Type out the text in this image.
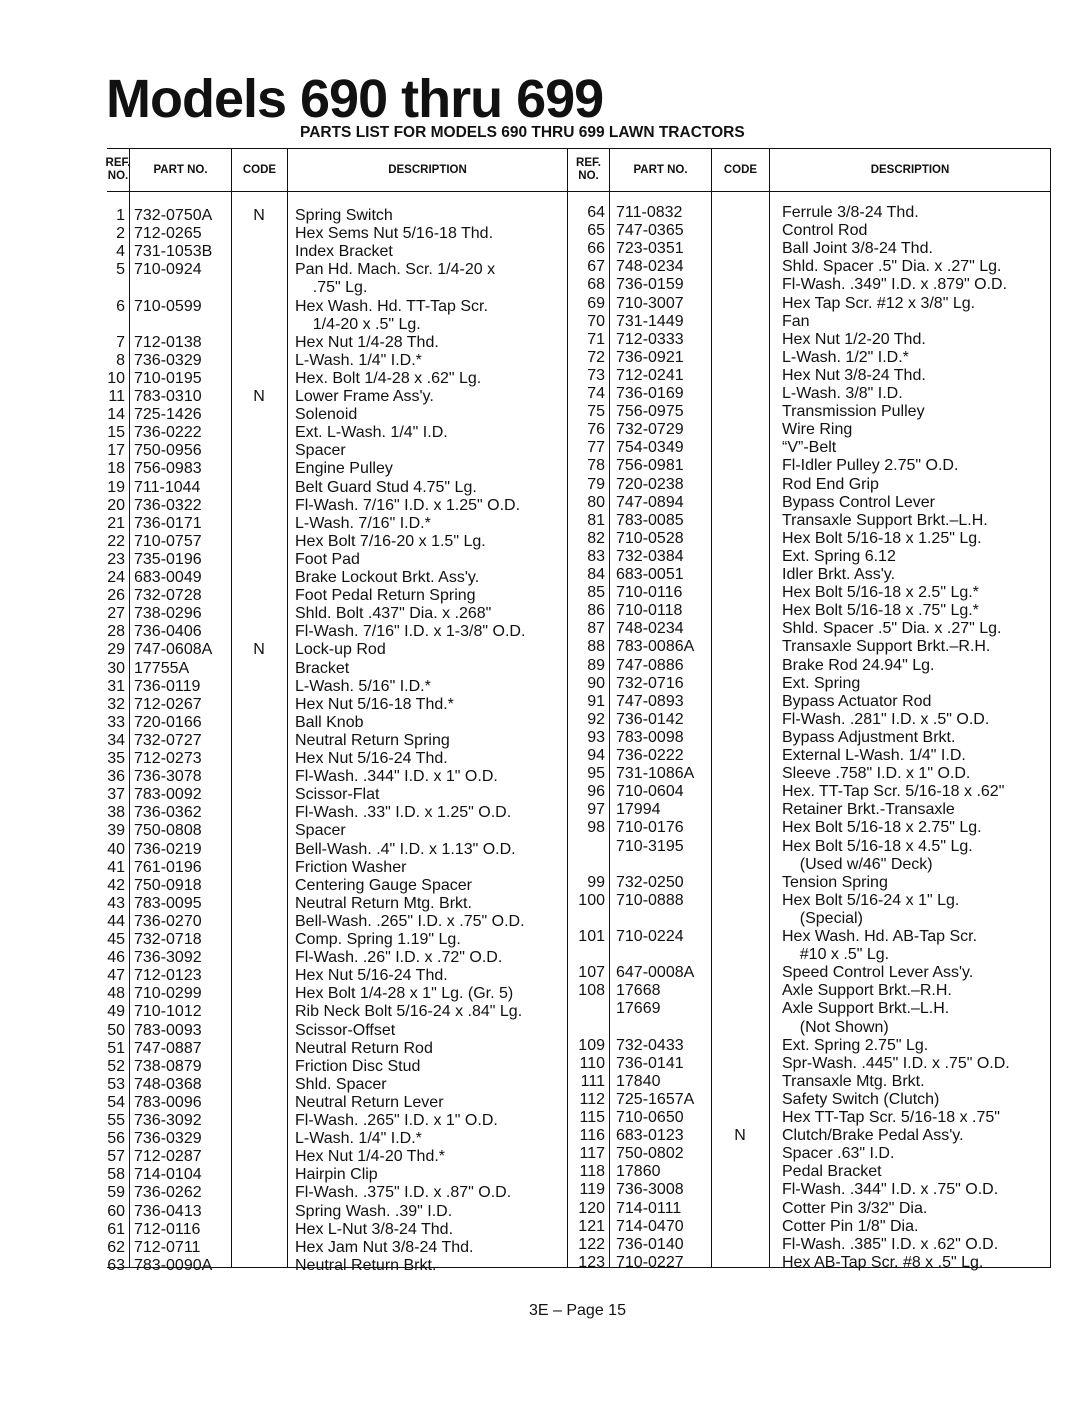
Models 690 thru 699
PARTS LIST FOR MODELS 690 THRU 699 LAWN TRACTORS
REF. NO.
PART NO.	CODE	DESCRIPTION
REF. NO.
PART NO.	CODE	DESCRIPTION
1 732-0750A	N	Spring Switch
2 712-0265	Hex Sems Nut 5/16-18 Thd.
4 731-1053B	Index Bracket
5 710-0924	Pan Hd. Mach. Scr. 1/4-20 x
.75" Lg.
6 710-0599	Hex Wash. Hd. TT-Tap Scr.
1/4-20 x .5" Lg.
7 712-0138	Hex Nut 1/4-28 Thd.
8 736-0329	L-Wash. 1/4" I.D.*
10 710-0195	Hex. Bolt 1/4-28 x .62" Lg.
11 783-0310	N	Lower Frame Ass'y.
14 725-1426	Solenoid
15 736-0222	Ext. L-Wash. 1/4" I.D.
17 750-0956	Spacer
18 756-0983	Engine Pulley
19 711-1044	Belt Guard Stud 4.75" Lg.
20 736-0322	Fl-Wash. 7/16" I.D. x 1.25" O.D.
21 736-0171	L-Wash. 7/16" I.D.*
22 710-0757	Hex Bolt 7/16-20 x 1.5" Lg.
23 735-0196	Foot Pad
24 683-0049	Brake Lockout Brkt. Ass'y.
26 732-0728	Foot Pedal Return Spring
27 738-0296	Shld. Bolt .437" Dia. x .268"
28 736-0406	Fl-Wash. 7/16" I.D. x 1-3/8" O.D.
29 747-0608A	N	Lock-up Rod
30 17755A	Bracket
31 736-0119	L-Wash. 5/16" I.D.*
32 712-0267	Hex Nut 5/16-18 Thd.*
33 720-0166	Ball Knob
34 732-0727	Neutral Return Spring
35 712-0273	Hex Nut 5/16-24 Thd.
36 736-3078	Fl-Wash. .344" I.D. x 1" O.D.
37 783-0092	Scissor-Flat
38 736-0362	Fl-Wash. .33" I.D. x 1.25" O.D.
39 750-0808	Spacer
40 736-0219	Bell-Wash. .4" I.D. x 1.13" O.D.
41 761-0196	Friction Washer
42 750-0918	Centering Gauge Spacer
43 783-0095	Neutral Return Mtg. Brkt.
44 736-0270	Bell-Wash. .265" I.D. x .75" O.D.
45 732-0718	Comp. Spring 1.19" Lg.
46 736-3092	Fl-Wash. .26" I.D. x .72" O.D.
47 712-0123	Hex Nut 5/16-24 Thd.
48 710-0299	Hex Bolt 1/4-28 x 1" Lg. (Gr. 5)
49 710-1012	Rib Neck Bolt 5/16-24 x .84" Lg.
50 783-0093	Scissor-Offset
51 747-0887	Neutral Return Rod
52 738-0879	Friction Disc Stud
53 748-0368	Shld. Spacer
54 783-0096	Neutral Return Lever
55 736-3092	Fl-Wash. .265" I.D. x 1" O.D.
56 736-0329	L-Wash. 1/4" I.D.*
57 712-0287	Hex Nut 1/4-20 Thd.*
58 714-0104	Hairpin Clip
59 736-0262	Fl-Wash. .375" I.D. x .87" O.D.
60 736-0413	Spring Wash. .39" I.D.
61 712-0116	Hex L-Nut 3/8-24 Thd.
62 712-0711	Hex Jam Nut 3/8-24 Thd.
63 783-0090A	Neutral Return Brkt.
64 711-0832	Ferrule 3/8-24 Thd.
65 747-0365	Control Rod
66 723-0351	Ball Joint 3/8-24 Thd.
67 748-0234	Shld. Spacer .5" Dia. x .27" Lg.
68 736-0159	Fl-Wash. .349" I.D. x .879" O.D.
69 710-3007	Hex Tap Scr. #12 x 3/8" Lg.
70 731-1449	Fan
71 712-0333	Hex Nut 1/2-20 Thd.
72 736-0921	L-Wash. 1/2" I.D.*
73 712-0241	Hex Nut 3/8-24 Thd.
74 736-0169	L-Wash. 3/8" I.D.
75 756-0975	Transmission Pulley
76 732-0729	Wire Ring
77 754-0349	“V”-Belt
78 756-0981	Fl-Idler Pulley 2.75" O.D.
79 720-0238	Rod End Grip
80 747-0894	Bypass Control Lever
81 783-0085	Transaxle Support Brkt.–L.H.
82 710-0528	Hex Bolt 5/16-18 x 1.25" Lg.
83 732-0384	Ext. Spring 6.12
84 683-0051	Idler Brkt. Ass'y.
85 710-0116	Hex Bolt 5/16-18 x 2.5" Lg.*
86 710-0118	Hex Bolt 5/16-18 x .75" Lg.*
87 748-0234	Shld. Spacer .5" Dia. x .27" Lg.
88 783-0086A	Transaxle Support Brkt.–R.H.
89 747-0886	Brake Rod 24.94" Lg.
90 732-0716	Ext. Spring
91 747-0893	Bypass Actuator Rod
92 736-0142	Fl-Wash. .281" I.D. x .5" O.D.
93 783-0098	Bypass Adjustment Brkt.
94 736-0222	External L-Wash. 1/4" I.D.
95 731-1086A	Sleeve .758" I.D. x 1" O.D.
96 710-0604	Hex. TT-Tap Scr. 5/16-18 x .62"
97 17994	Retainer Brkt.-Transaxle
98 710-0176	Hex Bolt 5/16-18 x 2.75" Lg.
710-3195	Hex Bolt 5/16-18 x 4.5" Lg.
(Used w/46" Deck)
99 732-0250	Tension Spring
100 710-0888	Hex Bolt 5/16-24 x 1" Lg.
(Special)
101 710-0224	Hex Wash. Hd. AB-Tap Scr.
#10 x .5" Lg.
107 647-0008A	Speed Control Lever Ass'y.
108 17668	Axle Support Brkt.–R.H.
17669	Axle Support Brkt.–L.H.
(Not Shown)
109 732-0433	Ext. Spring 2.75" Lg.
110 736-0141	Spr-Wash. .445" I.D. x .75" O.D.
111 17840	Transaxle Mtg. Brkt.
112 725-1657A	Safety Switch (Clutch)
115 710-0650	Hex TT-Tap Scr. 5/16-18 x .75"
116 683-0123	N	Clutch/Brake Pedal Ass'y.
117 750-0802	Spacer .63" I.D.
118 17860	Pedal Bracket
119 736-3008	Fl-Wash. .344" I.D. x .75" O.D.
120 714-0111	Cotter Pin 3/32" Dia.
121 714-0470	Cotter Pin 1/8" Dia.
122 736-0140	Fl-Wash. .385" I.D. x .62" O.D.
123 710-0227	Hex AB-Tap Scr. #8 x .5" Lg.
3E – Page 15
